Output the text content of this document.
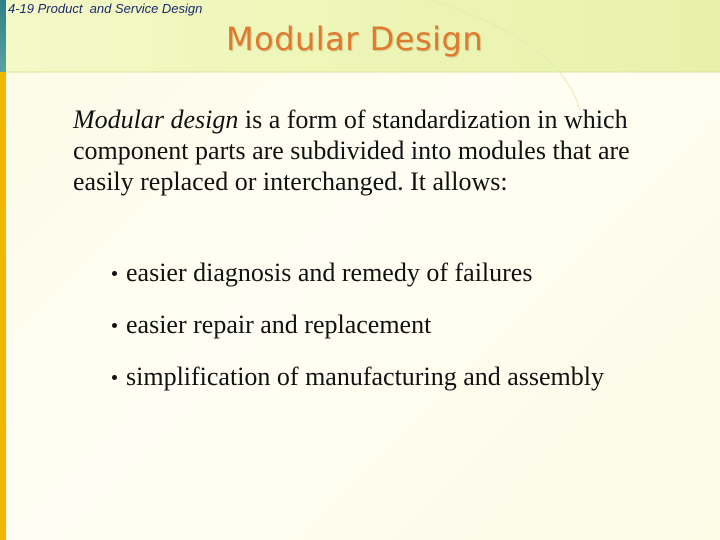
4-19 Product  and Service Design
Modular Design
Modular design is a form of standardization in which component parts are subdivided into modules that are easily replaced or interchanged. It allows:
easier diagnosis and remedy of failures
easier repair and replacement
simplification of manufacturing and assembly
